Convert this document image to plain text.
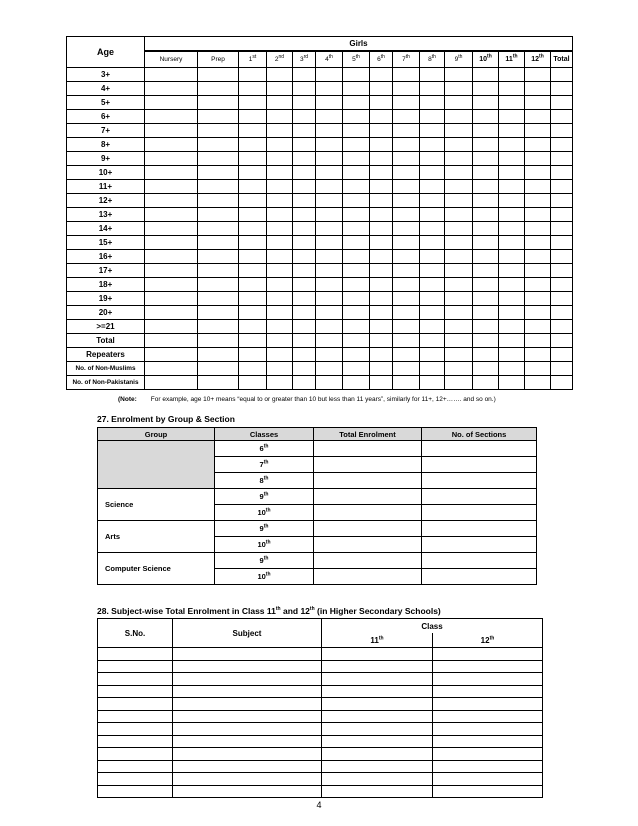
Age	Girls														
	Nursery	Prep	1st	2nd	3rd	4th	5th	6th	7th	8th	9th	10th	11th	12th	Total
3+															
4+															
5+															
6+															
7+															
8+															
9+															
10+															
11+															
12+															
13+															
14+															
15+															
16+															
17+															
18+															
19+															
20+															
>=21															
Total															
Repeaters															
No. of Non-Muslims															
No. of Non-Pakistanis															
(Note: For example, age 10+ means “equal to or greater than 10 but less than 11 years”, similarly for 11+, 12+……. and so on.)
27. Enrolment by Group & Section
Group	Classes	Total Enrolment	No. of Sections
	6th		
	7th		
	8th		
Science	9th		
	10th		
Arts	9th		
	10th		
Computer Science	9th		
	10th		
28. Subject-wise Total Enrolment in Class 11th and 12th (in Higher Secondary Schools)
S.No.	Subject	Class	
		11th	12th

4
